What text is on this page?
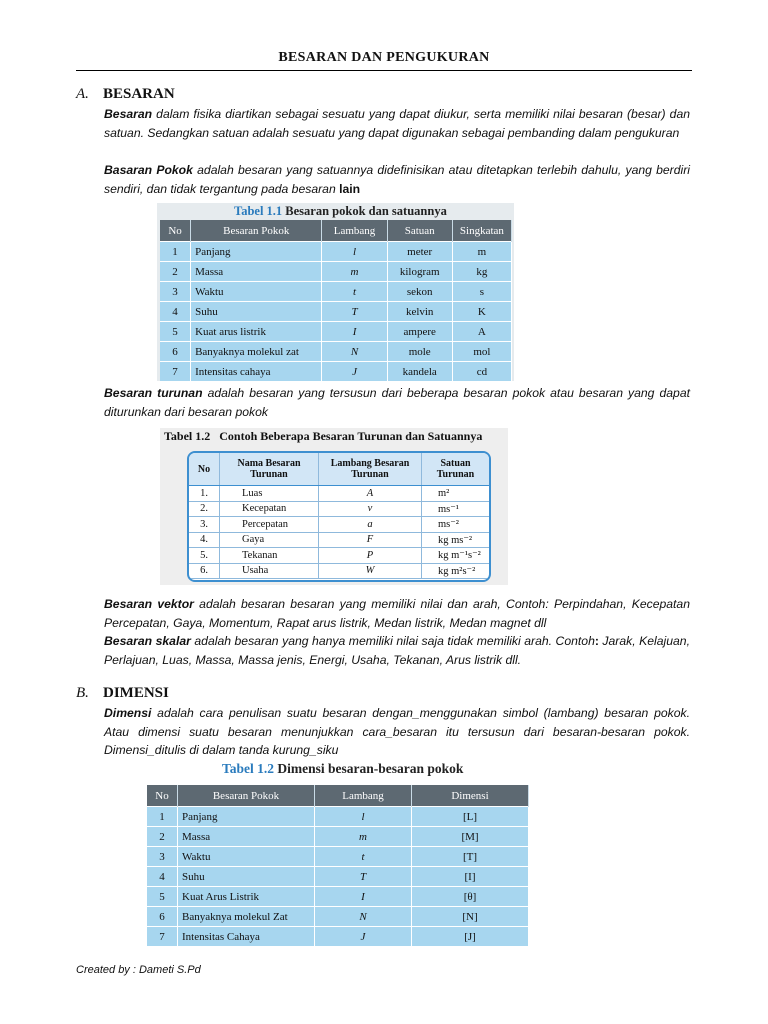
BESARAN DAN PENGUKURAN
A. BESARAN
Besaran dalam fisika diartikan sebagai sesuatu yang dapat diukur, serta memiliki nilai besaran (besar) dan satuan. Sedangkan satuan adalah sesuatu yang dapat digunakan sebagai pembanding dalam pengukuran
Basaran Pokok adalah besaran yang satuannya didefinisikan atau ditetapkan terlebih dahulu, yang berdiri sendiri, dan tidak tergantung pada besaran lain
Tabel 1.1 Besaran pokok dan satuannya
No	Besaran Pokok	Lambang	Satuan	Singkatan
1	Panjang	l	meter	m
2	Massa	m	kilogram	kg
3	Waktu	t	sekon	s
4	Suhu	T	kelvin	K
5	Kuat arus listrik	I	ampere	A
6	Banyaknya molekul zat	N	mole	mol
7	Intensitas cahaya	J	kandela	cd
Besaran turunan adalah besaran yang tersusun dari beberapa besaran pokok atau besaran yang dapat diturunkan dari besaran pokok
Tabel 1.2   Contoh Beberapa Besaran Turunan dan Satuannya
No	Nama Besaran Turunan	Lambang Besaran Turunan	Satuan Turunan
1.	Luas	A	m²
2.	Kecepatan	v	ms⁻¹
3.	Percepatan	a	ms⁻²
4.	Gaya	F	kg ms⁻²
5.	Tekanan	P	kg m⁻¹s⁻²
6.	Usaha	W	kg m²s⁻²
Besaran vektor adalah besaran besaran yang memiliki nilai dan arah, Contoh: Perpindahan, Kecepatan Percepatan, Gaya, Momentum, Rapat arus listrik, Medan listrik, Medan magnet dll
Besaran skalar adalah besaran yang hanya memiliki nilai saja tidak memiliki arah. Contoh: Jarak, Kelajuan, Perlajuan, Luas, Massa, Massa jenis, Energi, Usaha, Tekanan, Arus listrik dll.
B. DIMENSI
Dimensi adalah cara penulisan suatu besaran dengan_menggunakan simbol (lambang) besaran pokok. Atau dimensi suatu besaran menunjukkan cara_besaran itu tersusun dari besaran-besaran pokok. Dimensi_ditulis di dalam tanda kurung_siku
Tabel 1.2 Dimensi besaran-besaran pokok
No	Besaran Pokok	Lambang	Dimensi
1	Panjang	l	[L]
2	Massa	m	[M]
3	Waktu	t	[T]
4	Suhu	T	[I]
5	Kuat Arus Listrik	I	[θ]
6	Banyaknya molekul Zat	N	[N]
7	Intensitas Cahaya	J	[J]
Created by : Dameti S.Pd
